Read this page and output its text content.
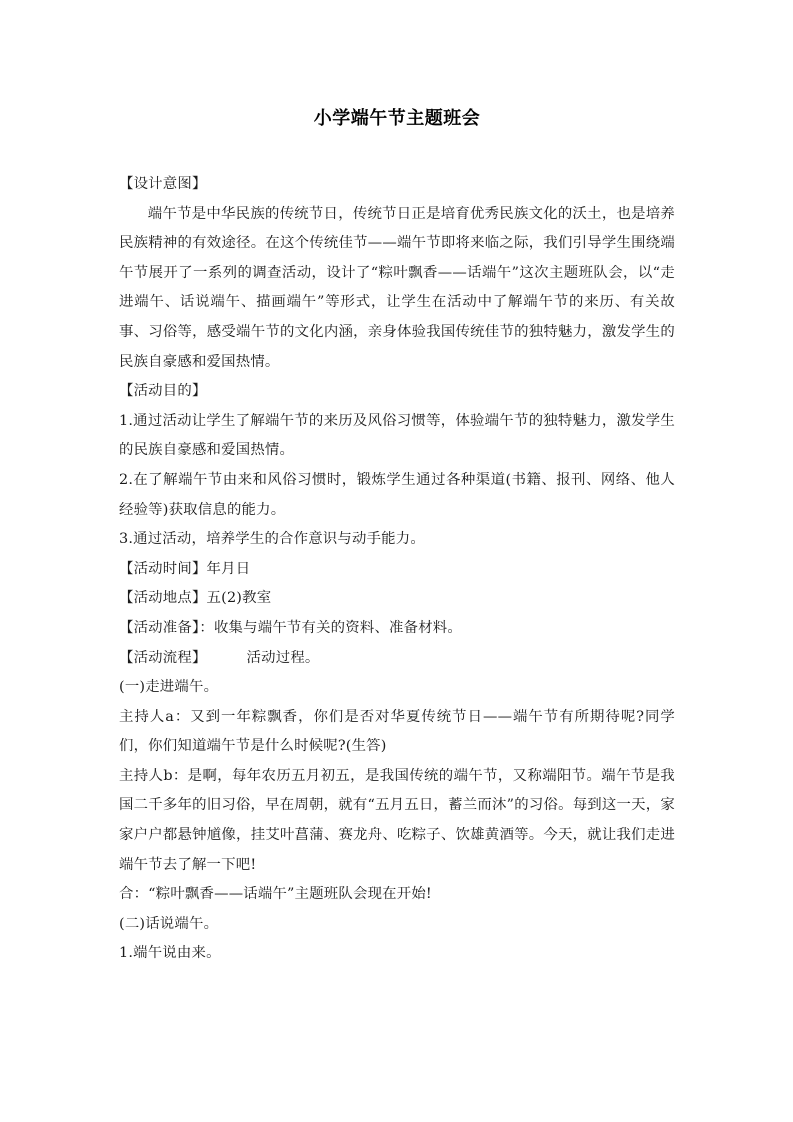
小学端午节主题班会

【设计意图】

端午节是中华民族的传统节日，传统节日正是培育优秀民族文化的沃土，也是培养民族精神的有效途径。在这个传统佳节——端午节即将来临之际，我们引导学生围绕端午节展开了一系列的调查活动，设计了“粽叶飘香——话端午”这次主题班队会，以“走进端午、话说端午、描画端午”等形式，让学生在活动中了解端午节的来历、有关故事、习俗等，感受端午节的文化内涵，亲身体验我国传统佳节的独特魅力，激发学生的民族自豪感和爱国热情。

【活动目的】

1.通过活动让学生了解端午节的来历及风俗习惯等，体验端午节的独特魅力，激发学生的民族自豪感和爱国热情。

2.在了解端午节由来和风俗习惯时，锻炼学生通过各种渠道(书籍、报刊、网络、他人经验等)获取信息的能力。

3.通过活动，培养学生的合作意识与动手能力。

【活动时间】年月日

【活动地点】五(2)教室

【活动准备】：收集与端午节有关的资料、准备材料。

【活动流程】	活动过程。

(一)走进端午。

主持人a：又到一年粽飘香，你们是否对华夏传统节日——端午节有所期待呢?同学们，你们知道端午节是什么时候呢?(生答)

主持人b：是啊，每年农历五月初五，是我国传统的端午节，又称端阳节。端午节是我国二千多年的旧习俗，早在周朝，就有“五月五日，蓄兰而沐”的习俗。每到这一天，家家户户都悬钟馗像，挂艾叶菖蒲、赛龙舟、吃粽子、饮雄黄酒等。今天，就让我们走进端午节去了解一下吧!

合：“粽叶飘香——话端午”主题班队会现在开始!

(二)话说端午。

1.端午说由来。
